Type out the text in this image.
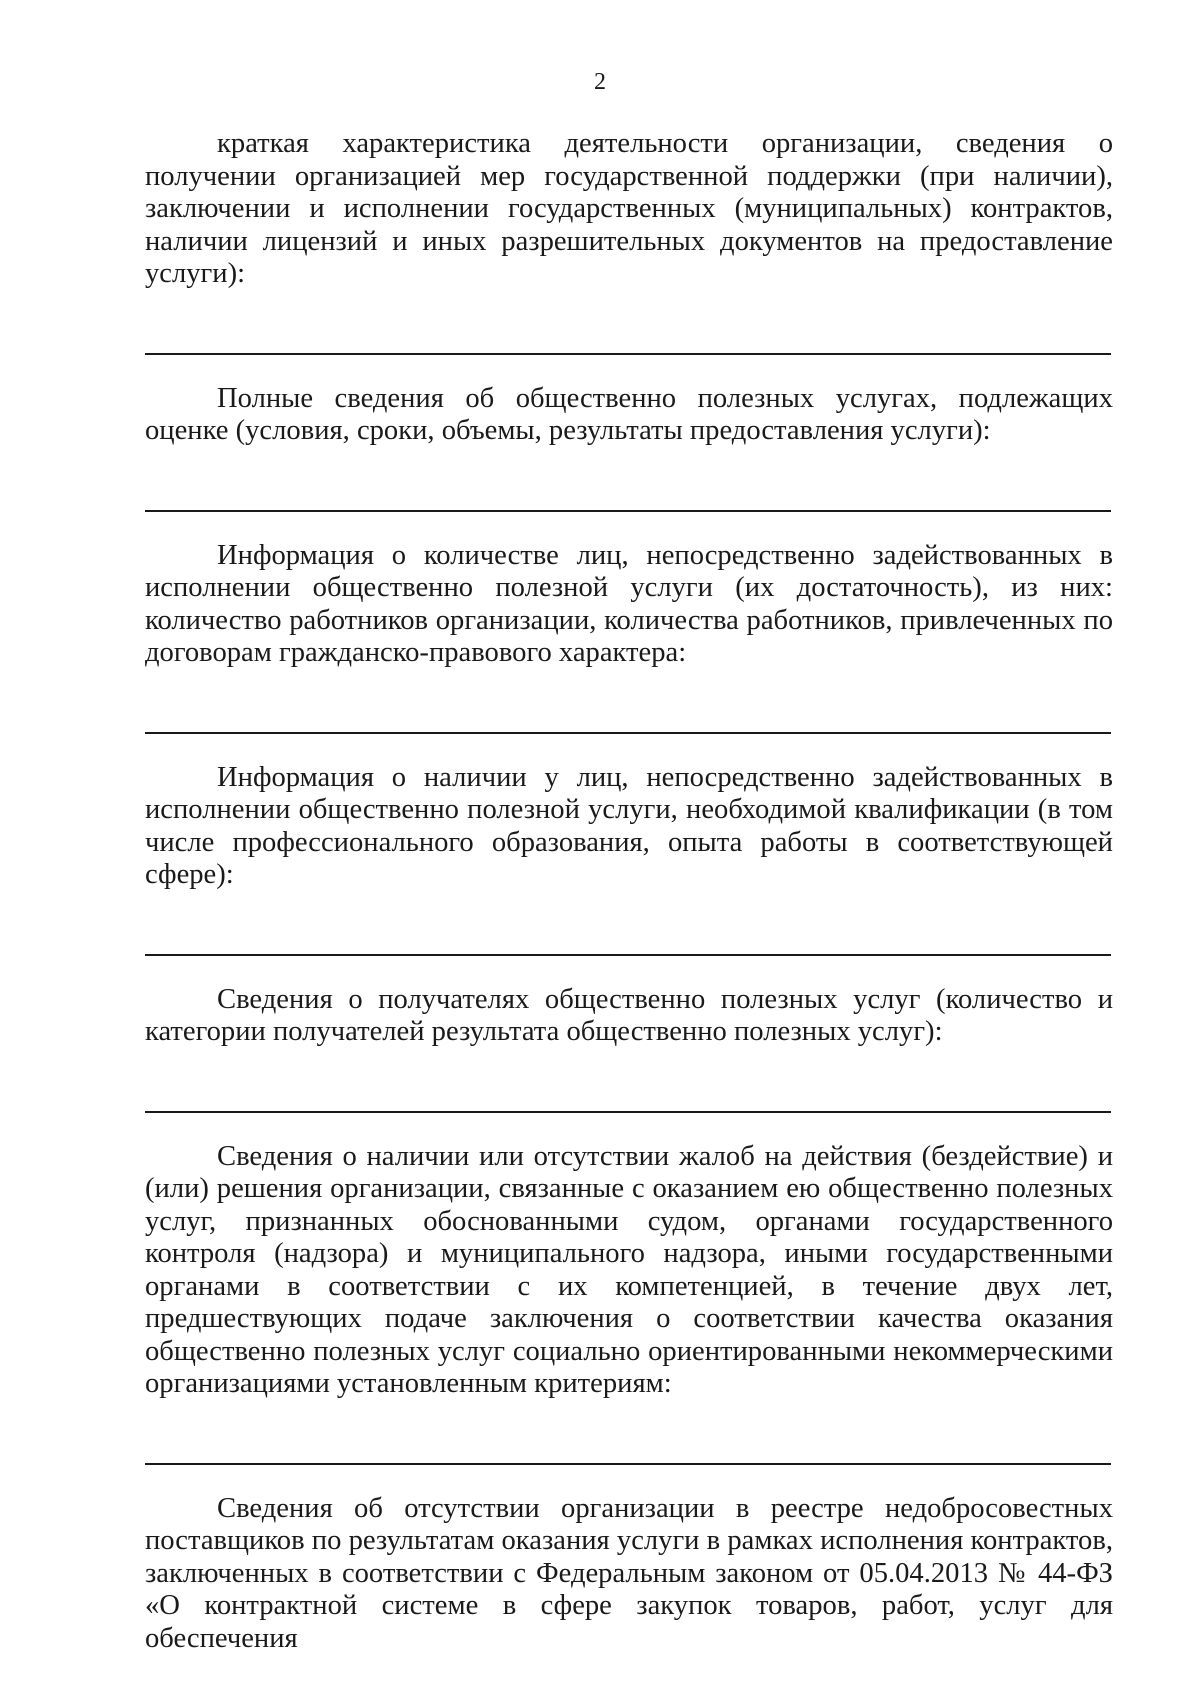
2

краткая характеристика деятельности организации, сведения о получении организацией мер государственной поддержки (при наличии), заключении и исполнении государственных (муниципальных) контрактов, наличии лицензий и иных разрешительных документов на предоставление услуги):

Полные сведения об общественно полезных услугах, подлежащих оценке (условия, сроки, объемы, результаты предоставления услуги):

Информация о количестве лиц, непосредственно задействованных в исполнении общественно полезной услуги (их достаточность), из них: количество работников организации, количества работников, привлеченных по договорам гражданско-правового характера:

Информация о наличии у лиц, непосредственно задействованных в исполнении общественно полезной услуги, необходимой квалификации (в том числе профессионального образования, опыта работы в соответствующей сфере):

Сведения о получателях общественно полезных услуг (количество и категории получателей результата общественно полезных услуг):

Сведения о наличии или отсутствии жалоб на действия (бездействие) и (или) решения организации, связанные с оказанием ею общественно полезных услуг, признанных обоснованными судом, органами государственного контроля (надзора) и муниципального надзора, иными государственными органами в соответствии с их компетенцией, в течение двух лет, предшествующих подаче заключения о соответствии качества оказания общественно полезных услуг социально ориентированными некоммерческими организациями установленным критериям:

Сведения об отсутствии организации в реестре недобросовестных поставщиков по результатам оказания услуги в рамках исполнения контрактов, заключенных в соответствии с Федеральным законом от 05.04.2013 № 44-ФЗ «О контрактной системе в сфере закупок товаров, работ, услуг для обеспечения
